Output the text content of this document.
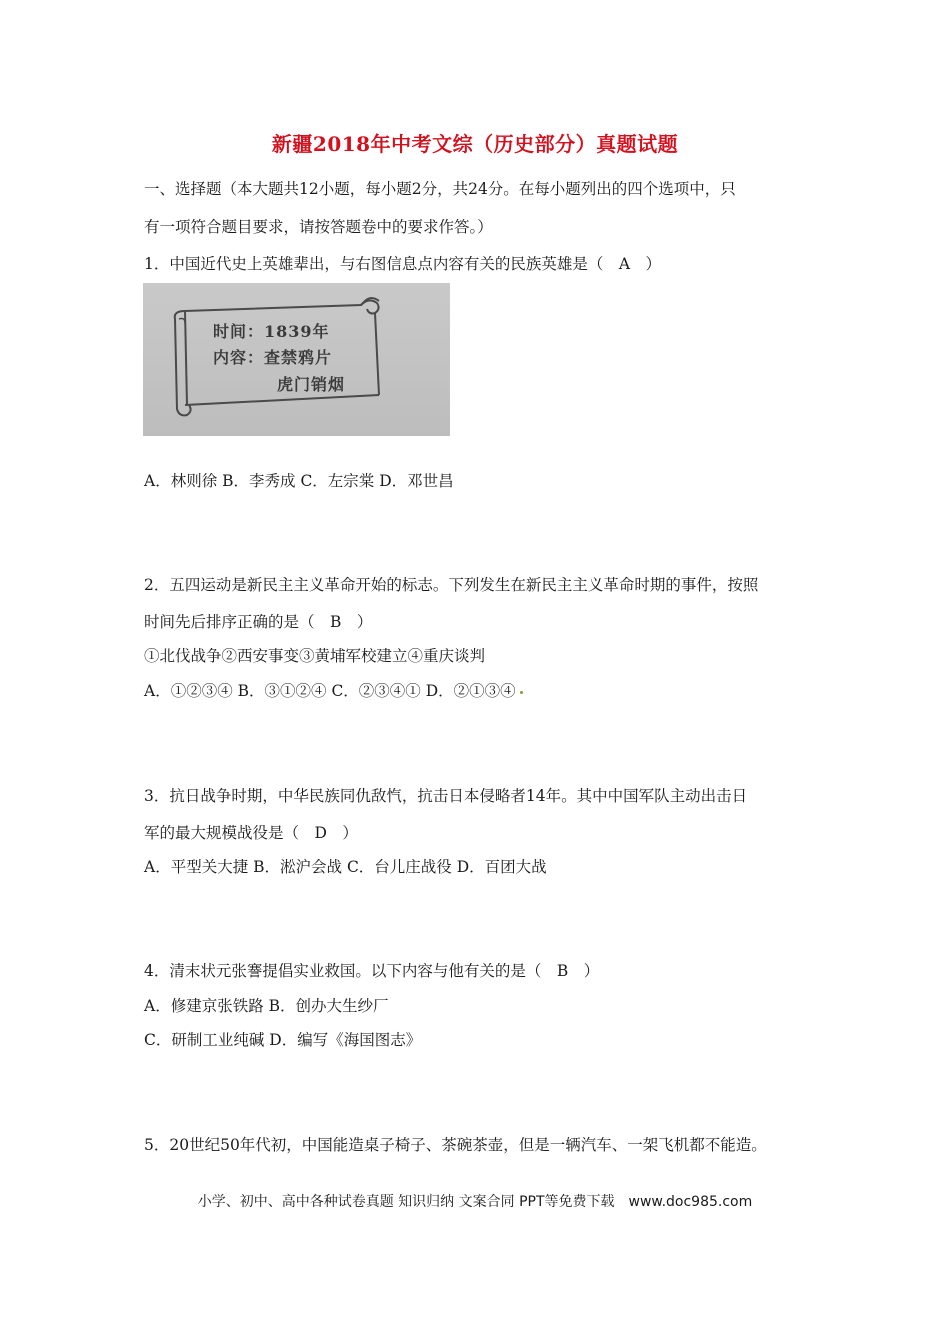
新疆2018年中考文综（历史部分）真题试题
一、选择题（本大题共12小题，每小题2分，共24分。在每小题列出的四个选项中，只
有一项符合题目要求，请按答题卷中的要求作答。）
1．中国近代史上英雄辈出，与右图信息点内容有关的民族英雄是（　A　）
时间：1839年
内容：查禁鸦片
虎门销烟
A．林则徐 B．李秀成 C．左宗棠 D．邓世昌
2．五四运动是新民主主义革命开始的标志。下列发生在新民主主义革命时期的事件，按照
时间先后排序正确的是（　B　）
①北伐战争②西安事变③黄埔军校建立④重庆谈判
A．①②③④ B．③①②④ C．②③④① D．②①③④
3．抗日战争时期，中华民族同仇敌忾，抗击日本侵略者14年。其中中国军队主动出击日
军的最大规模战役是（　D　）
A．平型关大捷 B．淞沪会战 C．台儿庄战役 D．百团大战
4．清末状元张謇提倡实业救国。以下内容与他有关的是（　B　）
A．修建京张铁路 B．创办大生纱厂
C．研制工业纯碱 D．编写《海国图志》
5．20世纪50年代初，中国能造桌子椅子、茶碗茶壶，但是一辆汽车、一架飞机都不能造。
小学、初中、高中各种试卷真题 知识归纳 文案合同 PPT等免费下载　www.doc985.com
